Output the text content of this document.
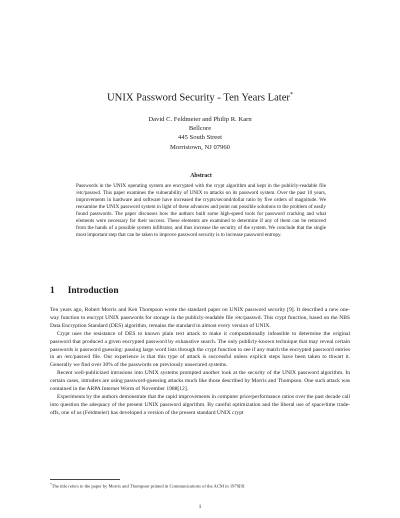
UNIX Password Security - Ten Years Later*
David C. Feldmeier and Philip R. Karn
Bellcore
445 South Street
Morristown, NJ 07960
Abstract
Passwords in the UNIX operating system are encrypted with the crypt algorithm and kept in the publicly-readable file /etc/passwd. This paper examines the vulnerability of UNIX to attacks on its password system. Over the past 10 years, improvements in hardware and software have increased the crypts/second/dollar ratio by five orders of magnitude. We reexamine the UNIX password system in light of these advances and point out possible solutions to the problem of easily found passwords. The paper discusses how the authors built some high-speed tools for password cracking and what elements were necessary for their success. These elements are examined to determine if any of them can be removed from the hands of a possible system infiltrator, and thus increase the security of the system. We conclude that the single most important step that can be taken to improve password security is to increase password entropy.
1 Introduction

Ten years ago, Robert Morris and Ken Thompson wrote the standard paper on UNIX password security [9]. It described a new one-way function to encrypt UNIX passwords for storage in the publicly-readable file /etc/passwd. This crypt function, based on the NBS Data Encryption Standard (DES) algorithm, remains the standard in almost every version of UNIX.

Crypt uses the resistance of DES to known plain text attack to make it computationally infeasible to determine the original password that produced a given encrypted password by exhaustive search. The only publicly-known technique that may reveal certain passwords is password guessing: passing large word lists through the crypt function to see if any match the encrypted password entries in an /etc/passwd file. Our experience is that this type of attack is successful unless explicit steps have been taken to thwart it. Generally we find over 30% of the passwords on previously unsecured systems.

Recent well-publicized intrusions into UNIX systems prompted another look at the security of the UNIX password algorithm. In certain cases, intruders are using password-guessing attacks much like those described by Morris and Thompson. One such attack was contained in the ARPA Internet Worm of November 1988[12].

Experiments by the authors demonstrate that the rapid improvements in computer price/performance ratios over the past decade call into question the adequacy of the present UNIX password algorithm. By careful optimization and the liberal use of space/time trade-offs, one of us (Feldmeier) has developed a version of the present standard UNIX crypt

*The title refers to the paper by Morris and Thompson printed in Communications of the ACM in 1979[9]
1
